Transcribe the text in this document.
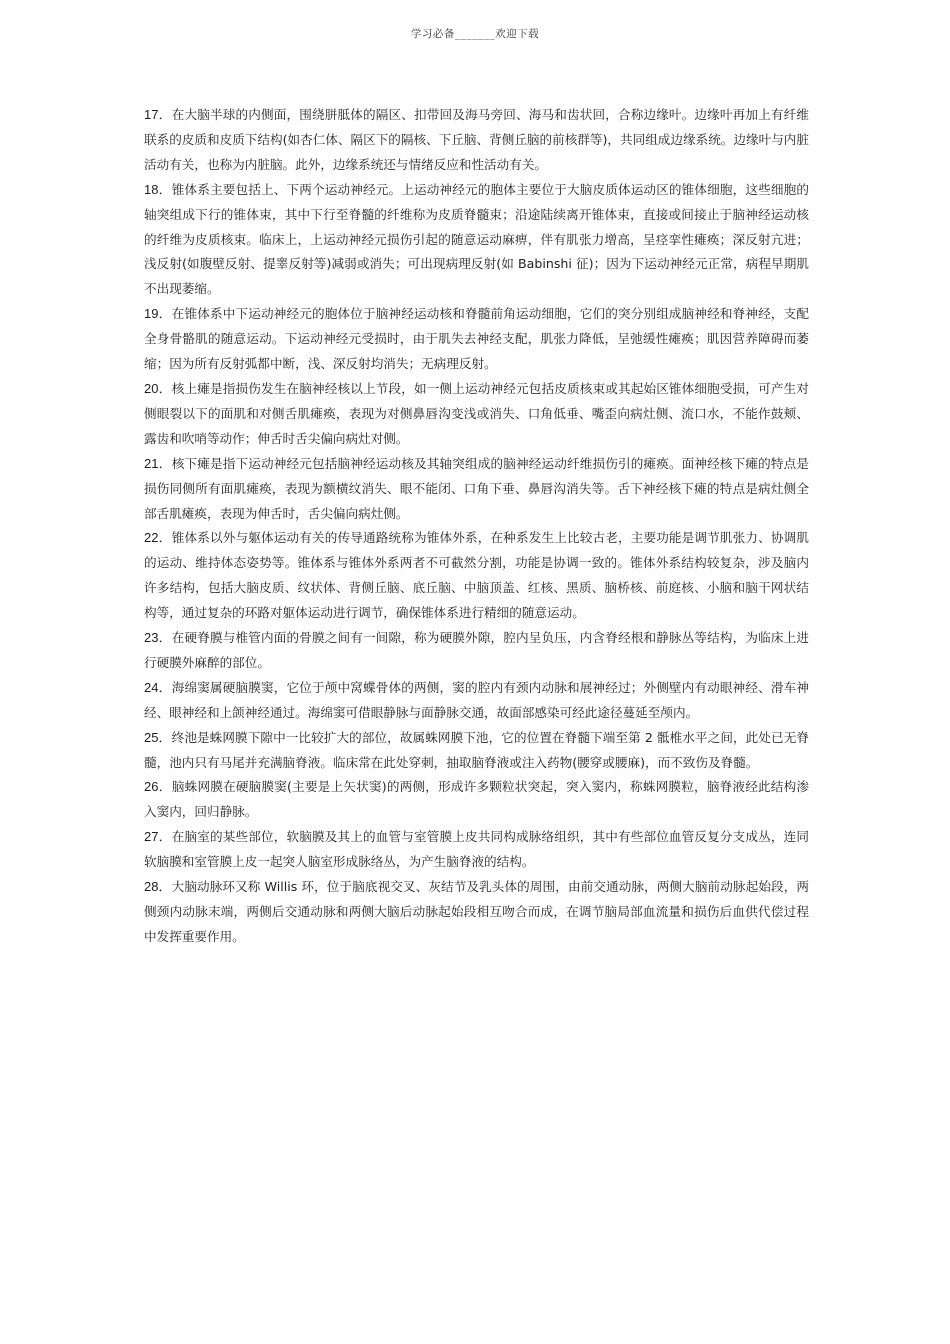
学习必备_______欢迎下载

17．在大脑半球的内侧面，围绕胼胝体的隔区、扣带回及海马旁回、海马和齿状回，合称边缘叶。边缘叶再加上有纤维联系的皮质和皮质下结构(如杏仁体、隔区下的隔核、下丘脑、背侧丘脑的前核群等)，共同组成边缘系统。边缘叶与内脏活动有关，也称为内脏脑。此外，边缘系统还与情绪反应和性活动有关。

18．锥体系主要包括上、下两个运动神经元。上运动神经元的胞体主要位于大脑皮质体运动区的锥体细胞，这些细胞的轴突组成下行的锥体束，其中下行至脊髓的纤维称为皮质脊髓束；沿途陆续离开锥体束，直接或间接止于脑神经运动核的纤维为皮质核束。临床上，上运动神经元损伤引起的随意运动麻痹，伴有肌张力增高，呈痉挛性瘫痪；深反射亢进；浅反射(如腹壁反射、提睾反射等)减弱或消失；可出现病理反射(如 Babinshi 征)；因为下运动神经元正常，病程早期肌不出现萎缩。

19．在锥体系中下运动神经元的胞体位于脑神经运动核和脊髓前角运动细胞，它们的突分别组成脑神经和脊神经，支配全身骨骼肌的随意运动。下运动神经元受损时，由于肌失去神经支配，肌张力降低，呈弛缓性瘫痪；肌因营养障碍而萎缩；因为所有反射弧都中断，浅、深反射均消失；无病理反射。

20．核上瘫是指损伤发生在脑神经核以上节段，如一侧上运动神经元包括皮质核束或其起始区锥体细胞受损，可产生对侧眼裂以下的面肌和对侧舌肌瘫痪，表现为对侧鼻唇沟变浅或消失、口角低垂、嘴歪向病灶侧、流口水，不能作鼓颊、露齿和吹哨等动作；伸舌时舌尖偏向病灶对侧。

21．核下瘫是指下运动神经元包括脑神经运动核及其轴突组成的脑神经运动纤维损伤引的瘫痪。面神经核下瘫的特点是损伤同侧所有面肌瘫痪，表现为额横纹消失、眼不能闭、口角下垂、鼻唇沟消失等。舌下神经核下瘫的特点是病灶侧全部舌肌瘫痪，表现为伸舌时，舌尖偏向病灶侧。

22．锥体系以外与躯体运动有关的传导通路统称为锥体外系，在种系发生上比较古老，主要功能是调节肌张力、协调肌的运动、维持体态姿势等。锥体系与锥体外系两者不可截然分割，功能是协调一致的。锥体外系结构较复杂，涉及脑内许多结构，包括大脑皮质、纹状体、背侧丘脑、底丘脑、中脑顶盖、红核、黑质、脑桥核、前庭核、小脑和脑干网状结构等，通过复杂的环路对躯体运动进行调节，确保锥体系进行精细的随意运动。

23．在硬脊膜与椎管内面的骨膜之间有一间隙，称为硬膜外隙，腔内呈负压，内含脊经根和静脉丛等结构，为临床上进行硬膜外麻醉的部位。

24．海绵窦属硬脑膜窦，它位于颅中窝蝶骨体的两侧，窦的腔内有颈内动脉和展神经过；外侧壁内有动眼神经、滑车神经、眼神经和上颌神经通过。海绵窦可借眼静脉与面静脉交通，故面部感染可经此途径蔓延至颅内。

25．终池是蛛网膜下隙中一比较扩大的部位，故属蛛网膜下池，它的位置在脊髓下端至第 2 骶椎水平之间，此处已无脊髓，池内只有马尾并充满脑脊液。临床常在此处穿刺，抽取脑脊液或注入药物(腰穿或腰麻)，而不致伤及脊髓。

26．脑蛛网膜在硬脑膜窦(主要是上矢状窦)的两侧，形成许多颗粒状突起，突入窦内，称蛛网膜粒，脑脊液经此结构渗入窦内，回归静脉。

27．在脑室的某些部位，软脑膜及其上的血管与室管膜上皮共同构成脉络组织，其中有些部位血管反复分支成丛，连同软脑膜和室管膜上皮一起突人脑室形成脉络丛，为产生脑脊液的结构。

28．大脑动脉环又称 Willis 环，位于脑底视交叉、灰结节及乳头体的周围，由前交通动脉，两侧大脑前动脉起始段，两侧颈内动脉末端，两侧后交通动脉和两侧大脑后动脉起始段相互吻合而成，在调节脑局部血流量和损伤后血供代偿过程中发挥重要作用。
